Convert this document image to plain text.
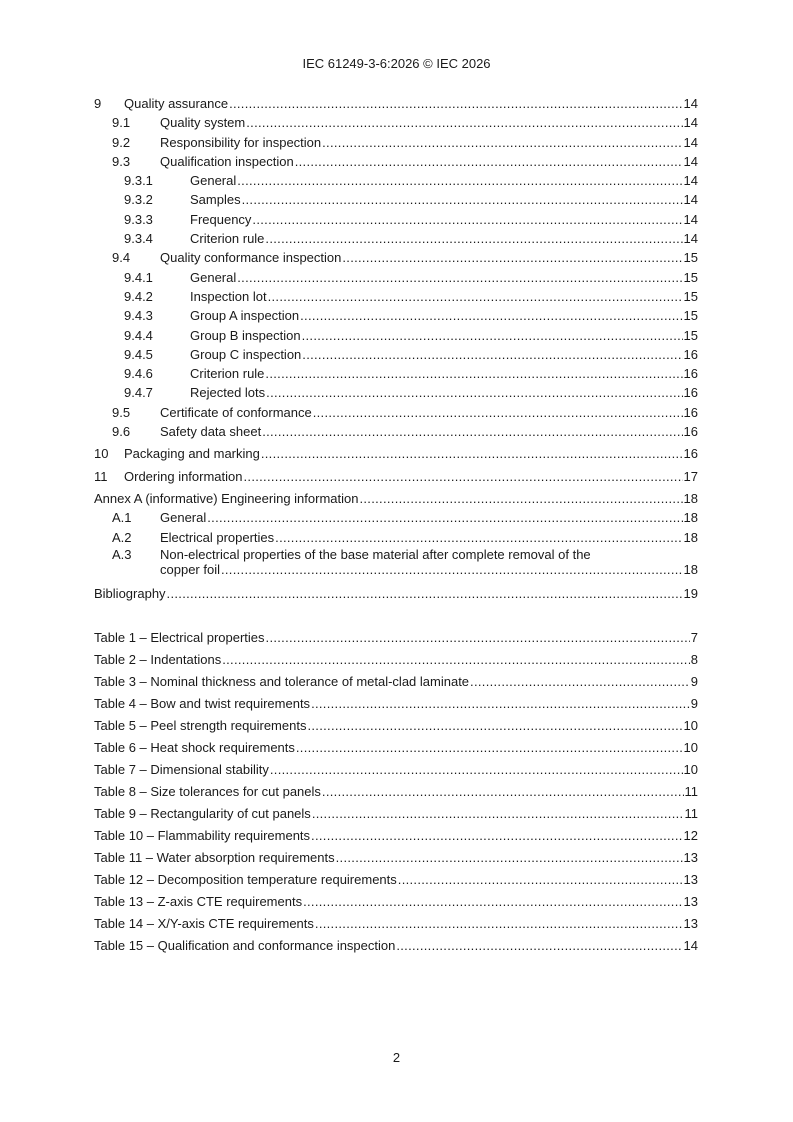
IEC 61249-3-6:2026 © IEC 2026
9	Quality assurance .....	14
9.1	Quality system .....	14
9.2	Responsibility for inspection .....	14
9.3	Qualification inspection .....	14
9.3.1	General .....	14
9.3.2	Samples .....	14
9.3.3	Frequency .....	14
9.3.4	Criterion rule .....	14
9.4	Quality conformance inspection .....	15
9.4.1	General .....	15
9.4.2	Inspection lot .....	15
9.4.3	Group A inspection .....	15
9.4.4	Group B inspection .....	15
9.4.5	Group C inspection .....	16
9.4.6	Criterion rule .....	16
9.4.7	Rejected lots .....	16
9.5	Certificate of conformance .....	16
9.6	Safety data sheet .....	16
10	Packaging and marking .....	16
11	Ordering information .....	17
Annex A (informative) Engineering information .....	18
A.1	General .....	18
A.2	Electrical properties .....	18
A.3	Non-electrical properties of the base material after complete removal of the
copper foil .....	18
Bibliography .....	19
Table 1 – Electrical properties .....	7
Table 2 – Indentations .....	8
Table 3 – Nominal thickness and tolerance of metal-clad laminate .....	9
Table 4 – Bow and twist requirements .....	9
Table 5 – Peel strength requirements .....	10
Table 6 – Heat shock requirements .....	10
Table 7 – Dimensional stability .....	10
Table 8 – Size tolerances for cut panels .....	11
Table 9 – Rectangularity of cut panels .....	11
Table 10 – Flammability requirements .....	12
Table 11 – Water absorption requirements .....	13
Table 12 – Decomposition temperature requirements .....	13
Table 13 – Z-axis CTE requirements .....	13
Table 14 – X/Y-axis CTE requirements .....	13
Table 15 – Qualification and conformance inspection .....	14
2
